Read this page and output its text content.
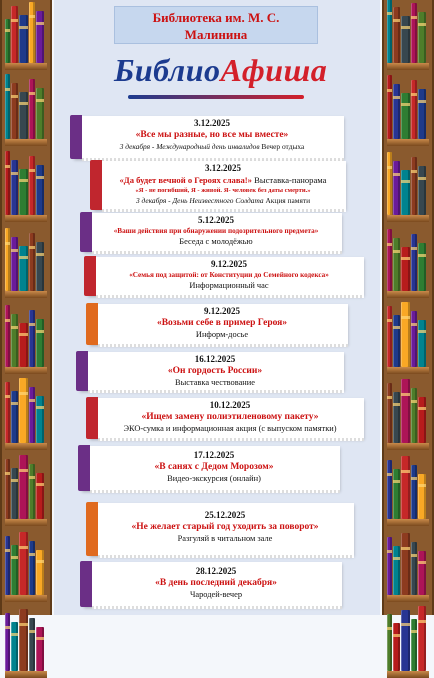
Библиотека им. М. С.
Малинина
БиблиоАфиша
3.12.2025
«Все мы разные, но все мы вместе»
3 декабря - Международный день инвалидов Вечер отдыха
3.12.2025
«Да будет вечной о Героях слава!» Выставка-панорама
«Я - не погибший, Я - живой. Я- человек без даты смерти.»
3 декабря - День Неизвестного Солдата Акция памяти
5.12.2025
«Ваши действия при обнаружении подозрительного предмета»
Беседа с молодёжью
9.12.2025
«Семья под защитой: от Конституции до Семейного кодекса»
Информационный час
9.12.2025
«Возьми себе в пример Героя»
Информ-досье
16.12.2025
«Он гордость России»
Выставка чествование
10.12.2025
«Ищем замену полиэтиленовому пакету»
ЭКО-сумка и информационная акция (с выпуском памятки)
17.12.2025
«В санях с Дедом Морозом»
Видео-экскурсия (онлайн)
25.12.2025
«Не желает старый год уходить за поворот»
Разгуляй в читальном зале
28.12.2025
«В день последний декабря»
Чародей-вечер
